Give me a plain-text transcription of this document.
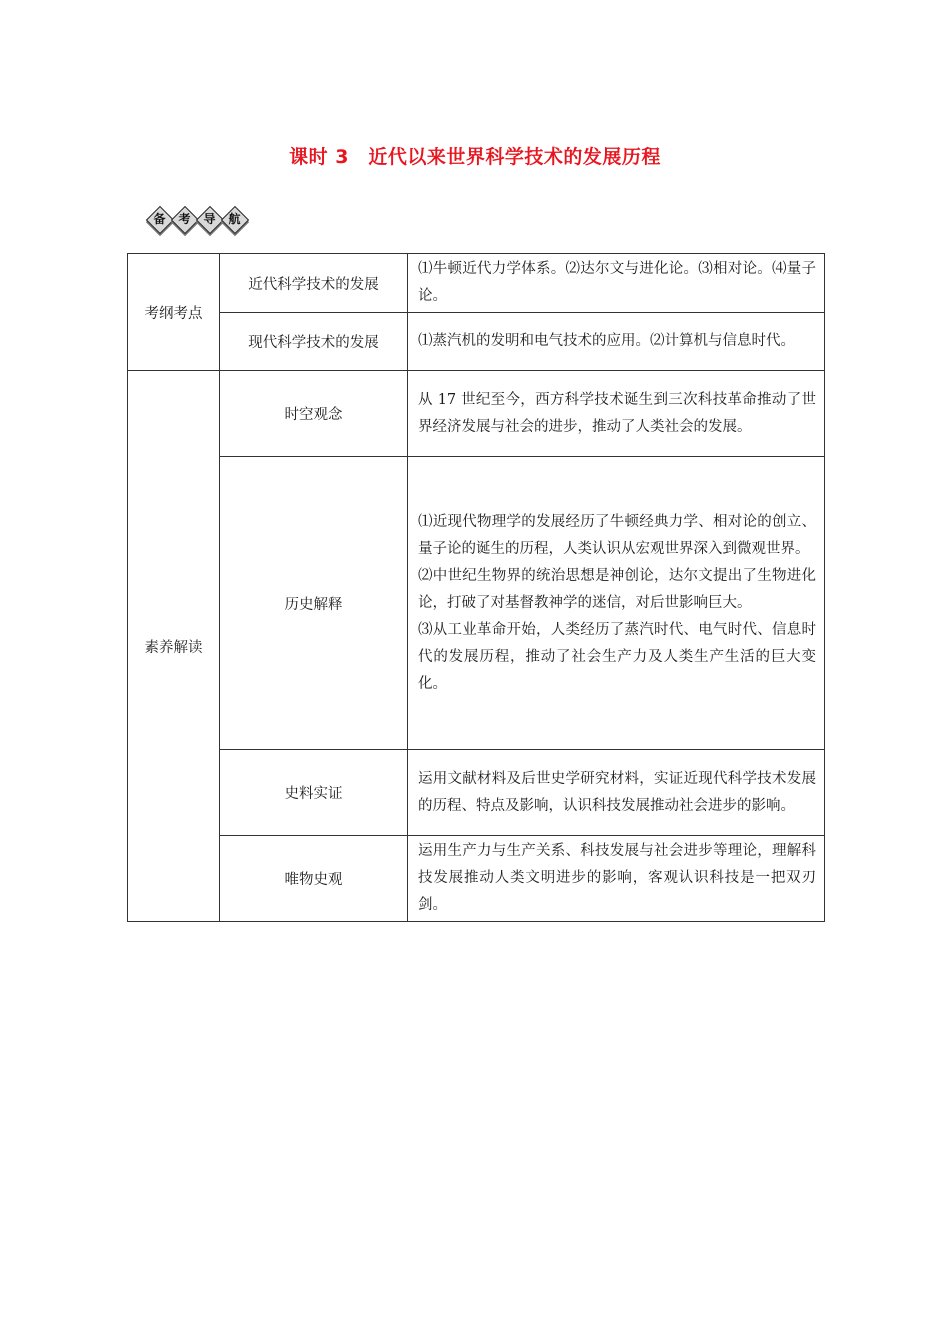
课时 3　近代以来世界科学技术的发展历程
备	考	导	航
考纲考点	近代科学技术的发展	⑴牛顿近代力学体系。⑵达尔文与进化论。⑶相对论。⑷量子论。
	现代科学技术的发展	⑴蒸汽机的发明和电气技术的应用。⑵计算机与信息时代。
素养解读	时空观念	从 17 世纪至今，西方科学技术诞生到三次科技革命推动了世界经济发展与社会的进步，推动了人类社会的发展。
	历史解释	⑴近现代物理学的发展经历了牛顿经典力学、相对论的创立、量子论的诞生的历程，人类认识从宏观世界深入到微观世界。
⑵中世纪生物界的统治思想是神创论，达尔文提出了生物进化论，打破了对基督教神学的迷信，对后世影响巨大。
⑶从工业革命开始，人类经历了蒸汽时代、电气时代、信息时代的发展历程，推动了社会生产力及人类生产生活的巨大变化。

	史料实证	运用文献材料及后世史学研究材料，实证近现代科学技术发展的历程、特点及影响，认识科技发展推动社会进步的影响。
	唯物史观	运用生产力与生产关系、科技发展与社会进步等理论，理解科技发展推动人类文明进步的影响，客观认识科技是一把双刃剑。
